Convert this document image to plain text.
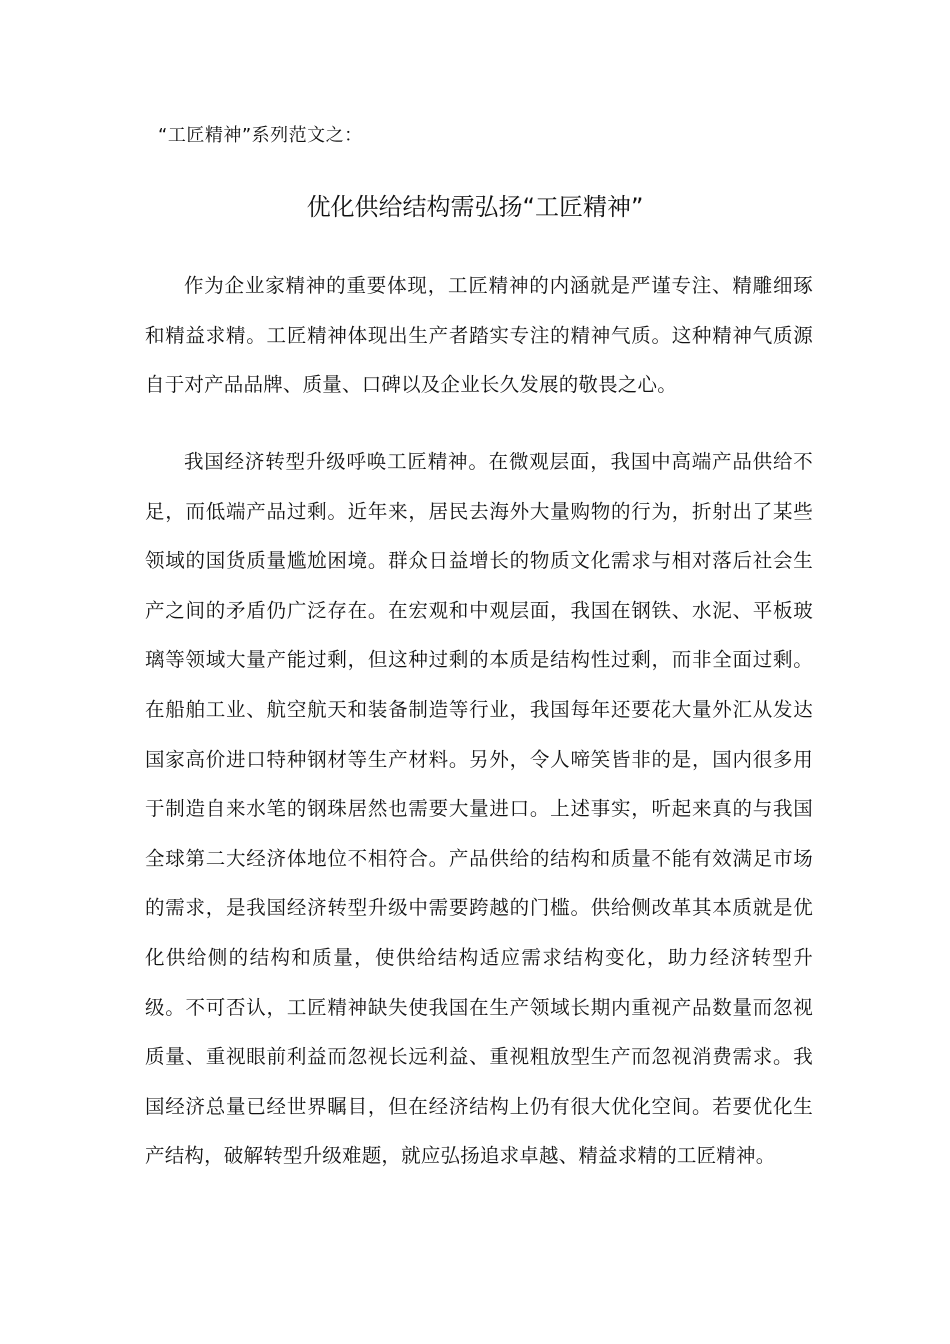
“工匠精神”系列范文之：
优化供给结构需弘扬“工匠精神”

作为企业家精神的重要体现，工匠精神的内涵就是严谨专注、精雕细琢和精益求精。工匠精神体现出生产者踏实专注的精神气质。这种精神气质源自于对产品品牌、质量、口碑以及企业长久发展的敬畏之心。

我国经济转型升级呼唤工匠精神。在微观层面，我国中高端产品供给不足，而低端产品过剩。近年来，居民去海外大量购物的行为，折射出了某些领域的国货质量尴尬困境。群众日益增长的物质文化需求与相对落后社会生产之间的矛盾仍广泛存在。在宏观和中观层面，我国在钢铁、水泥、平板玻璃等领域大量产能过剩，但这种过剩的本质是结构性过剩，而非全面过剩。在船舶工业、航空航天和装备制造等行业，我国每年还要花大量外汇从发达国家高价进口特种钢材等生产材料。另外，令人啼笑皆非的是，国内很多用于制造自来水笔的钢珠居然也需要大量进口。上述事实，听起来真的与我国全球第二大经济体地位不相符合。产品供给的结构和质量不能有效满足市场的需求，是我国经济转型升级中需要跨越的门槛。供给侧改革其本质就是优化供给侧的结构和质量，使供给结构适应需求结构变化，助力经济转型升级。不可否认，工匠精神缺失使我国在生产领域长期内重视产品数量而忽视质量、重视眼前利益而忽视长远利益、重视粗放型生产而忽视消费需求。我国经济总量已经世界瞩目，但在经济结构上仍有很大优化空间。若要优化生产结构，破解转型升级难题，就应弘扬追求卓越、精益求精的工匠精神。
